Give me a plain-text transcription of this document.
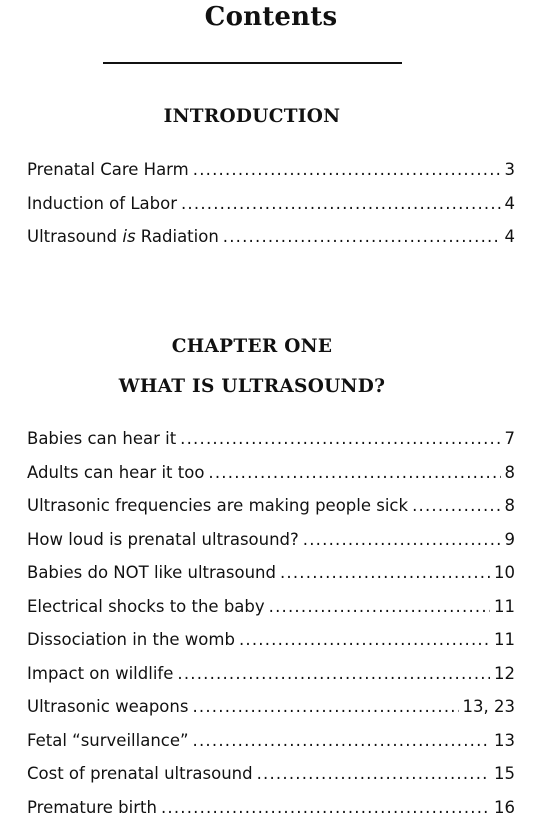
Contents
INTRODUCTION
Prenatal Care Harm .....	3
Induction of Labor .....	4
Ultrasound is Radiation .....	4
CHAPTER ONE
WHAT IS ULTRASOUND?
Babies can hear it .....	7
Adults can hear it too .....	8
Ultrasonic frequencies are making people sick .....	8
How loud is prenatal ultrasound? .....	9
Babies do NOT like ultrasound .....	10
Electrical shocks to the baby .....	11
Dissociation in the womb .....	11
Impact on wildlife .....	12
Ultrasonic weapons .....	13, 23
Fetal “surveillance” .....	13
Cost of prenatal ultrasound .....	15
Premature birth .....	16
